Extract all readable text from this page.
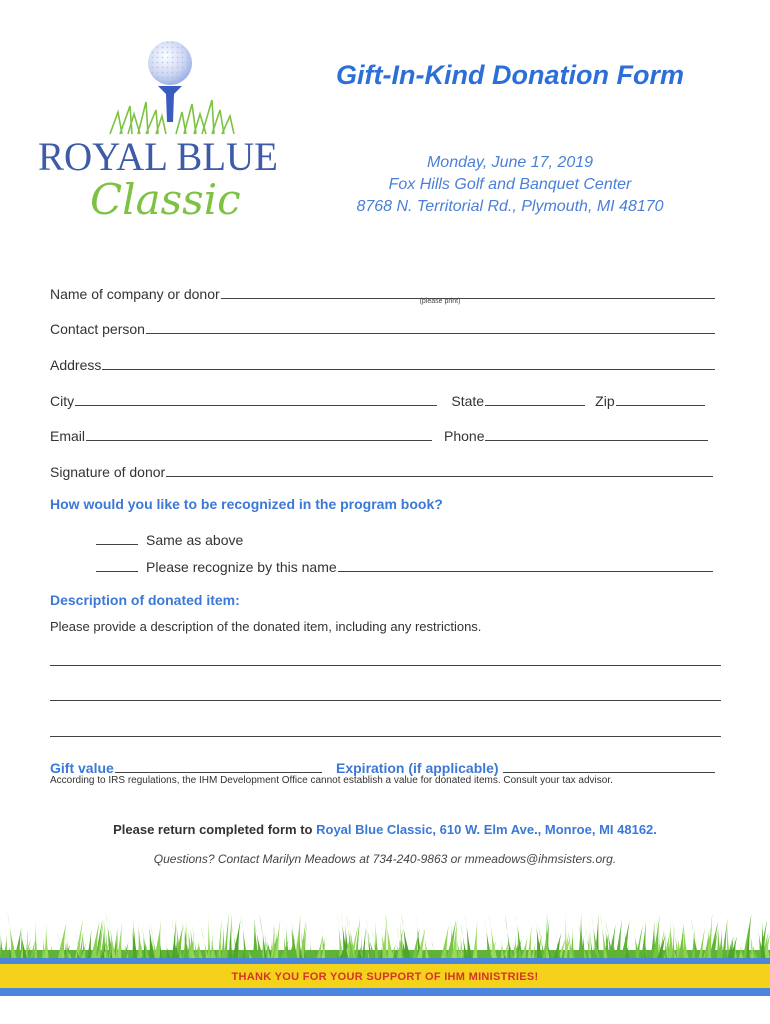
ROYAL BLUE
Classic
Gift-In-Kind Donation Form
Monday, June 17, 2019
Fox Hills Golf and Banquet Center
8768 N. Territorial Rd., Plymouth, MI 48170
Name of company or donor	(please print)
Contact person
Address
City	State	Zip
Email	Phone
Signature of donor
How would you like to be recognized in the program book?
Same as above
Please recognize by this name
Description of donated item:
Please provide a description of the donated item, including any restrictions.
Gift value	Expiration (if applicable)
According to IRS regulations, the IHM Development Office cannot establish a value for donated items. Consult your tax advisor.
Please return completed form to Royal Blue Classic, 610 W. Elm Ave., Monroe, MI 48162.
Questions? Contact Marilyn Meadows at 734-240-9863 or mmeadows@ihmsisters.org.
THANK YOU FOR YOUR SUPPORT OF IHM MINISTRIES!
